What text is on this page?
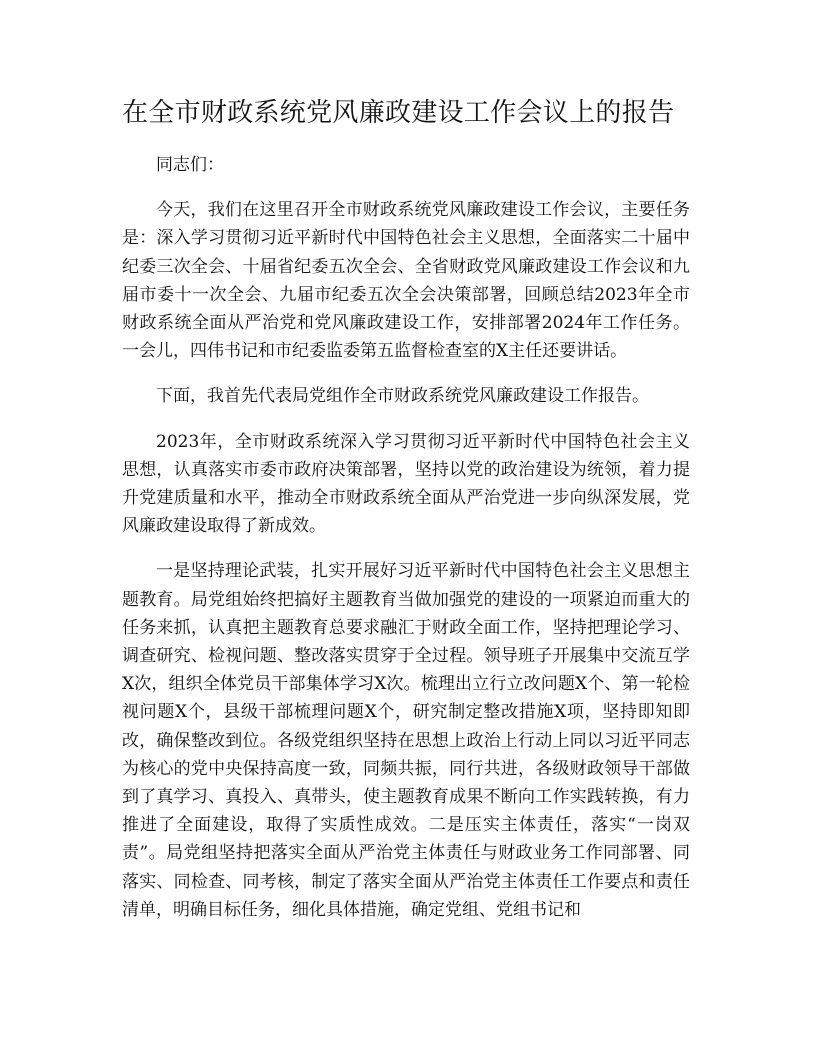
在全市财政系统党风廉政建设工作会议上的报告

同志们：

今天，我们在这里召开全市财政系统党风廉政建设工作会议，主要任务是：深入学习贯彻习近平新时代中国特色社会主义思想，全面落实二十届中纪委三次全会、十届省纪委五次全会、全省财政党风廉政建设工作会议和九届市委十一次全会、九届市纪委五次全会决策部署，回顾总结2023年全市财政系统全面从严治党和党风廉政建设工作，安排部署2024年工作任务。一会儿，四伟书记和市纪委监委第五监督检查室的X主任还要讲话。

下面，我首先代表局党组作全市财政系统党风廉政建设工作报告。

2023年，全市财政系统深入学习贯彻习近平新时代中国特色社会主义思想，认真落实市委市政府决策部署，坚持以党的政治建设为统领，着力提升党建质量和水平，推动全市财政系统全面从严治党进一步向纵深发展，党风廉政建设取得了新成效。

一是坚持理论武装，扎实开展好习近平新时代中国特色社会主义思想主题教育。局党组始终把搞好主题教育当做加强党的建设的一项紧迫而重大的任务来抓，认真把主题教育总要求融汇于财政全面工作，坚持把理论学习、调查研究、检视问题、整改落实贯穿于全过程。领导班子开展集中交流互学X次，组织全体党员干部集体学习X次。梳理出立行立改问题X个、第一轮检视问题X个，县级干部梳理问题X个，研究制定整改措施X项，坚持即知即改，确保整改到位。各级党组织坚持在思想上政治上行动上同以习近平同志为核心的党中央保持高度一致，同频共振，同行共进，各级财政领导干部做到了真学习、真投入、真带头，使主题教育成果不断向工作实践转换，有力推进了全面建设，取得了实质性成效。二是压实主体责任，落实“一岗双责”。局党组坚持把落实全面从严治党主体责任与财政业务工作同部署、同落实、同检查、同考核，制定了落实全面从严治党主体责任工作要点和责任清单，明确目标任务，细化具体措施，确定党组、党组书记和
